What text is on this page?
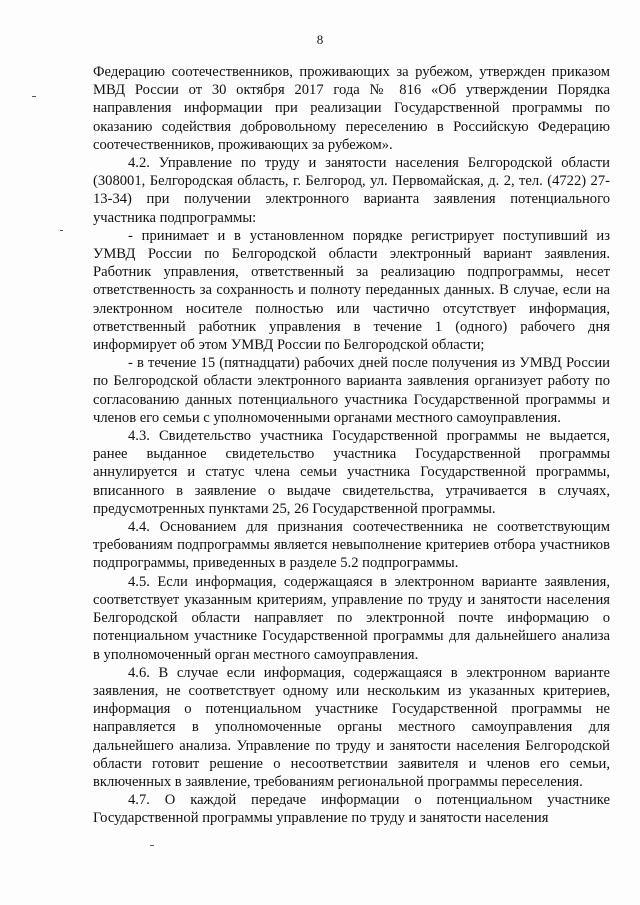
8

Федерацию соотечественников, проживающих за рубежом, утвержден приказом МВД России от 30 октября 2017 года № 816 «Об утверждении Порядка направления информации при реализации Государственной программы по оказанию содействия добровольному переселению в Российскую Федерацию соотечественников, проживающих за рубежом».

4.2. Управление по труду и занятости населения Белгородской области (308001, Белгородская область, г. Белгород, ул. Первомайская, д. 2, тел. (4722) 27-13-34) при получении электронного варианта заявления потенциального участника подпрограммы:

- принимает и в установленном порядке регистрирует поступивший из УМВД России по Белгородской области электронный вариант заявления. Работник управления, ответственный за реализацию подпрограммы, несет ответственность за сохранность и полноту переданных данных. В случае, если на электронном носителе полностью или частично отсутствует информация, ответственный работник управления в течение 1 (одного) рабочего дня информирует об этом УМВД России по Белгородской области;

- в течение 15 (пятнадцати) рабочих дней после получения из УМВД России по Белгородской области электронного варианта заявления организует работу по согласованию данных потенциального участника Государственной программы и членов его семьи с уполномоченными органами местного самоуправления.

4.3. Свидетельство участника Государственной программы не выдается, ранее выданное свидетельство участника Государственной программы аннулируется и статус члена семьи участника Государственной программы, вписанного в заявление о выдаче свидетельства, утрачивается в случаях, предусмотренных пунктами 25, 26 Государственной программы.

4.4. Основанием для признания соотечественника не соответствующим требованиям подпрограммы является невыполнение критериев отбора участников подпрограммы, приведенных в разделе 5.2 подпрограммы.

4.5. Если информация, содержащаяся в электронном варианте заявления, соответствует указанным критериям, управление по труду и занятости населения Белгородской области направляет по электронной почте информацию о потенциальном участнике Государственной программы для дальнейшего анализа в уполномоченный орган местного самоуправления.

4.6. В случае если информация, содержащаяся в электронном варианте заявления, не соответствует одному или нескольким из указанных критериев, информация о потенциальном участнике Государственной программы не направляется в уполномоченные органы местного самоуправления для дальнейшего анализа. Управление по труду и занятости населения Белгородской области готовит решение о несоответствии заявителя и членов его семьи, включенных в заявление, требованиям региональной программы переселения.

4.7. О каждой передаче информации о потенциальном участнике Государственной программы управление по труду и занятости населения
